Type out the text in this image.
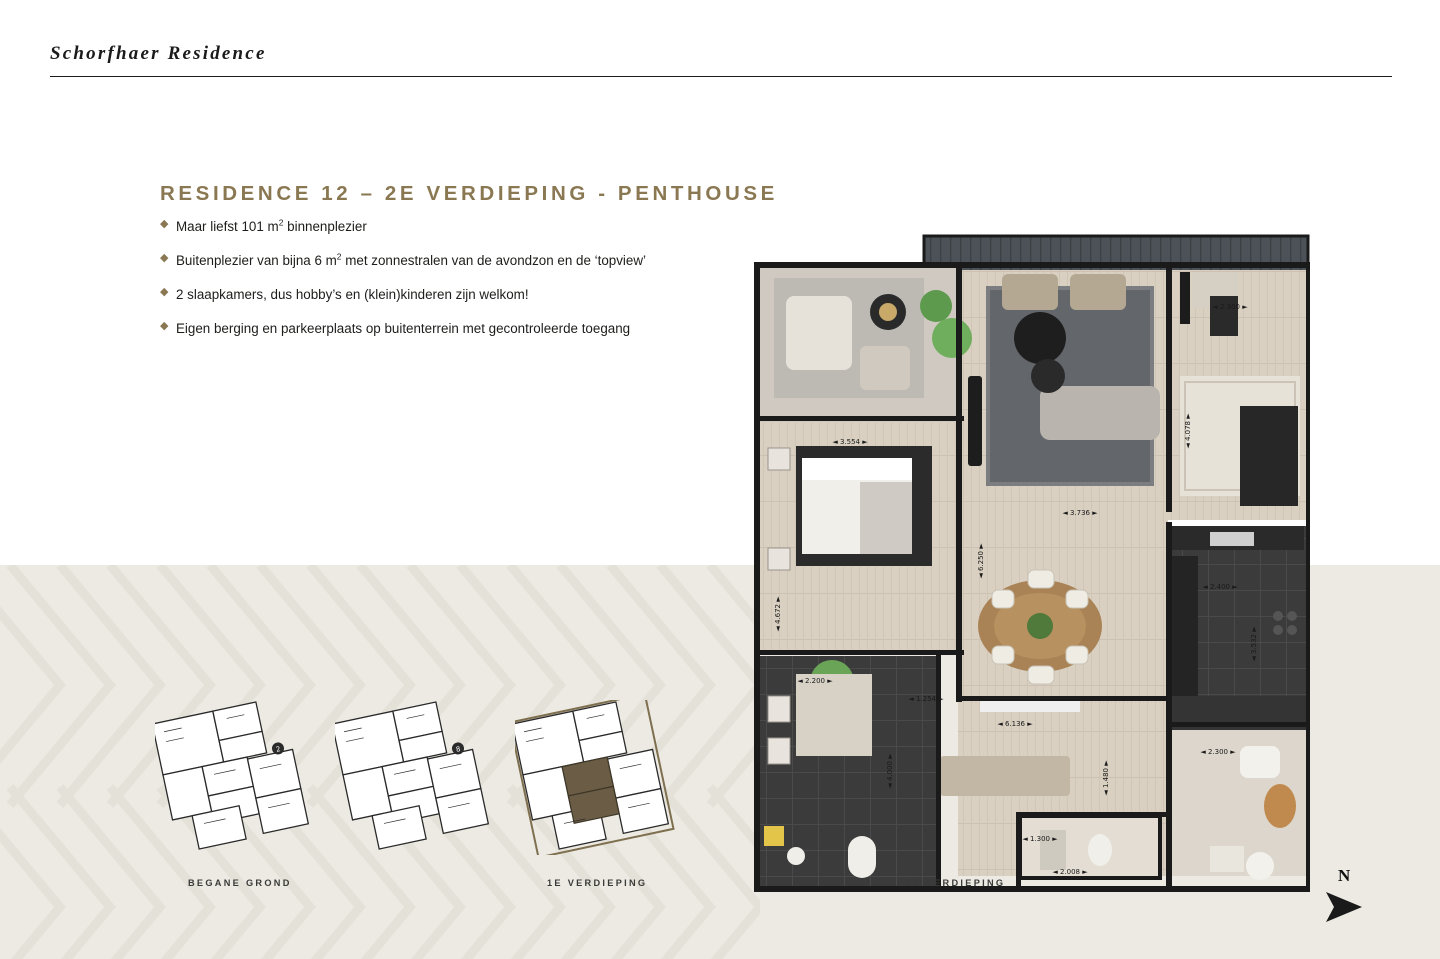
Schorfhaer Residence
RESIDENCE 12 – 2E VERDIEPING - PENTHOUSE
◆ Maar liefst 101 $m^2$ binnenplezier
◆ Buitenplezier van bijna 6 $m^2$ met zonnestralen van de avondzon en de ‘topview’
◆ 2 slaapkamers, dus hobby’s en (klein)kinderen zijn welkom!
◆ Eigen berging en parkeerplaats op buitenterrein met gecontroleerde toegang
◄ 2.300 ►
◄ 3.554 ►	◄ 4.078 ►
◄ 3.736 ►
◄ 6.250 ►
◄ 2.400 ►
◄ 3.532 ►
◄ 4.672 ►
◄ 2.200 ►
◄ 1.254 ►
◄ 6.136 ►
◄ 2.300 ►
◄ 4.000 ►	◄ 1.480 ►
◄ 2.600 ►
◄ 1.300 ►
◄ 2.008 ►
2
BEGANE GROND
8
1E VERDIEPING	2E VERDIEPING	N
